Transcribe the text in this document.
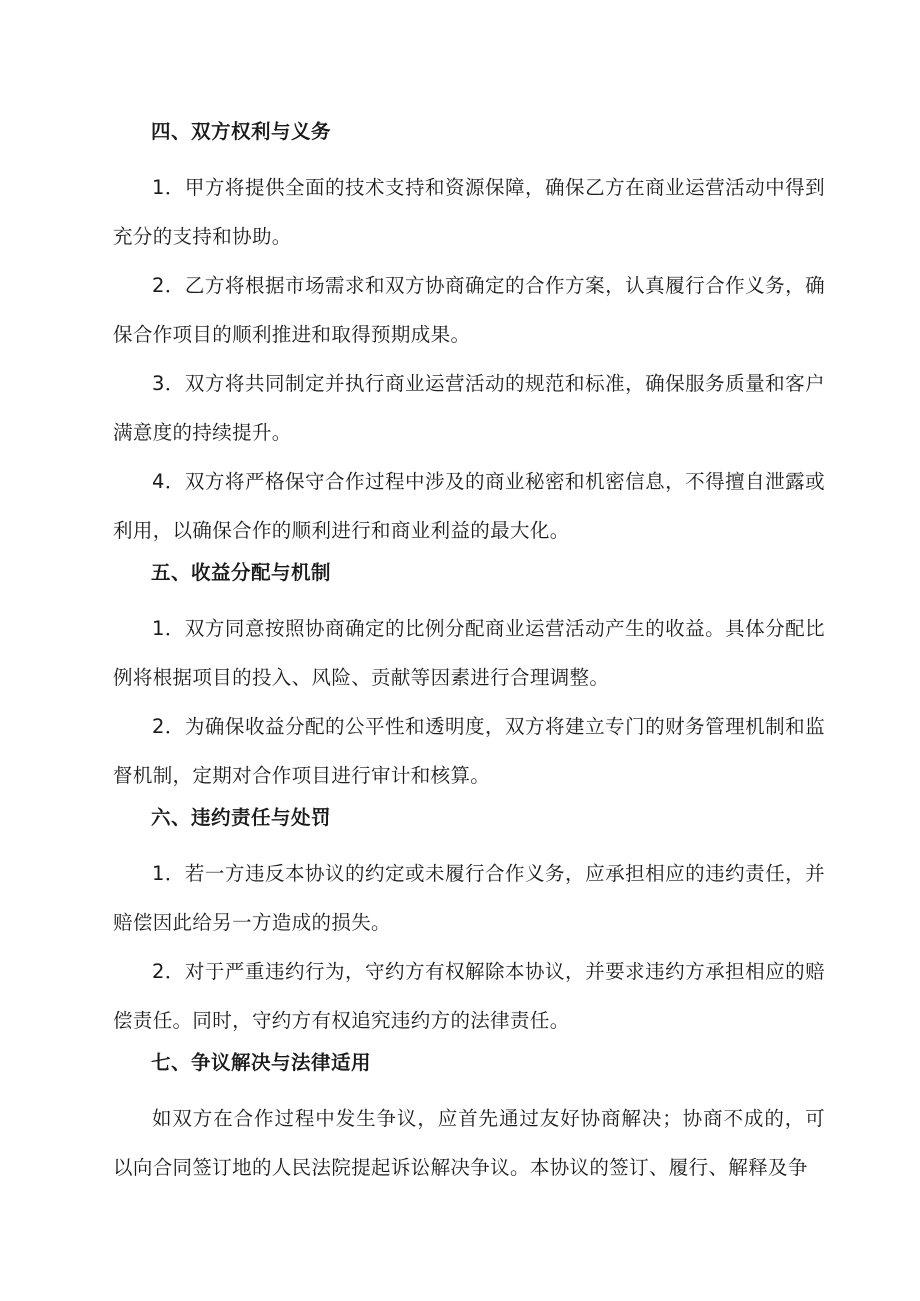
四、双方权利与义务

1．甲方将提供全面的技术支持和资源保障，确保乙方在商业运营活动中得到充分的支持和协助。

2．乙方将根据市场需求和双方协商确定的合作方案，认真履行合作义务，确保合作项目的顺利推进和取得预期成果。

3．双方将共同制定并执行商业运营活动的规范和标准，确保服务质量和客户满意度的持续提升。

4．双方将严格保守合作过程中涉及的商业秘密和机密信息，不得擅自泄露或利用，以确保合作的顺利进行和商业利益的最大化。

五、收益分配与机制

1．双方同意按照协商确定的比例分配商业运营活动产生的收益。具体分配比例将根据项目的投入、风险、贡献等因素进行合理调整。

2．为确保收益分配的公平性和透明度，双方将建立专门的财务管理机制和监督机制，定期对合作项目进行审计和核算。

六、违约责任与处罚

1．若一方违反本协议的约定或未履行合作义务，应承担相应的违约责任，并赔偿因此给另一方造成的损失。

2．对于严重违约行为，守约方有权解除本协议，并要求违约方承担相应的赔偿责任。同时，守约方有权追究违约方的法律责任。

七、争议解决与法律适用

如双方在合作过程中发生争议，应首先通过友好协商解决；协商不成的，可以向合同签订地的人民法院提起诉讼解决争议。本协议的签订、履行、解释及争
